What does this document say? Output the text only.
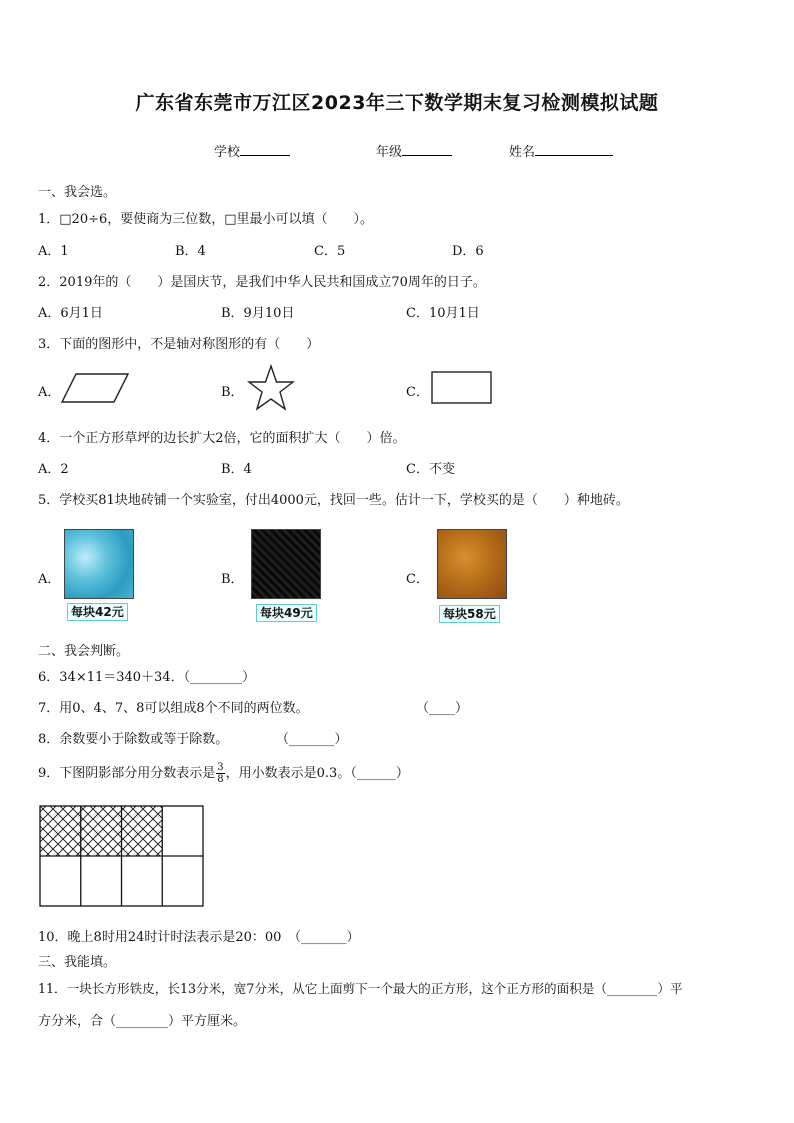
广东省东莞市万江区2023年三下数学期末复习检测模拟试题
学校	年级	姓名
一、我会选。
1．□20÷6，要使商为三位数，□里最小可以填（　　）。
A．1	B．4	C．5	D．6
2．2019年的（　　）是国庆节，是我们中华人民共和国成立70周年的日子。
A．6月1日	B．9月10日	C．10月1日
3．下面的图形中，不是轴对称图形的有（　　）
A．	B．	C．
4．一个正方形草坪的边长扩大2倍，它的面积扩大（　　）倍。
A．2	B．4	C．不变
5．学校买81块地砖铺一个实验室，付出4000元，找回一些。估计一下，学校买的是（　　）种地砖。
A．
每块42元
B．
每块49元
C．
每块58元
二、我会判断。
6．34×11＝340＋34．（________）
7．用0、4、7、8可以组成8个不同的两位数。	（____）
8．余数要小于除数或等于除数。	（_______）
9．下图阴影部分用分数表示是 $\frac{3}{8}$ ，用小数表示是0.3。（______）
10．晚上8时用24时计时法表示是20：00　（_______）
三、我能填。
11．一块长方形铁皮，长13分米，宽7分米，从它上面剪下一个最大的正方形，这个正方形的面积是（________）平
方分米，合（________）平方厘米。
